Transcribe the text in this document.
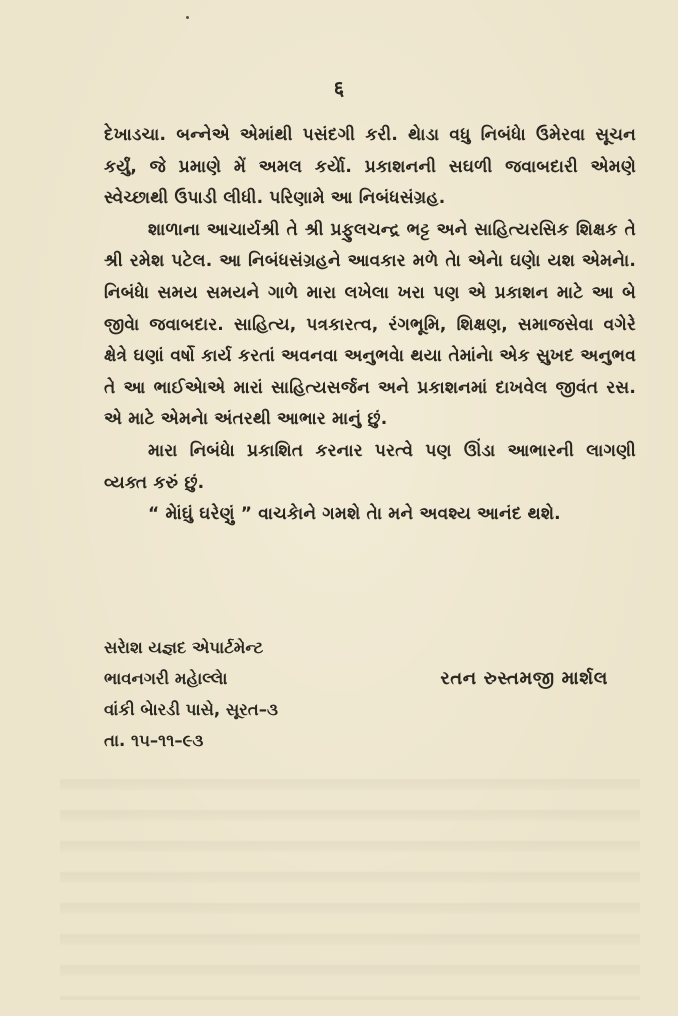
६

દેખાડચા. બન્નેએ એમાંથી પસંદગી કરી. થેાડા વધુ નિબંધેા ઉમેરવા સૂચન કર્યું, જે પ્રમાણે મેં અમલ કર્યેા. પ્રકાશનની સઘળી જવાબદારી એમણે સ્વેચ્છાથી ઉપાડી લીધી. પરિણામે આ નિબંધસંગ્રહ.

શાળાના આચાર્યશ્રી તે શ્રી પ્રફુલચન્દ્ર ભટ્ટ અને સાહિત્યરસિક શિક્ષક તે શ્રી રમેશ પટેલ. આ નિબંધસંગ્રહને આવકાર મળે તેા એનેા ઘણેા યશ એમનેા. નિબંધેા સમય સમયને ગાળે મારા લખેલા ખરા પણ એ પ્રકાશન માટે આ બે જીવેા જવાબદાર. સાહિત્ય, પત્રકારત્વ, રંગભૂમિ, શિક્ષણ, સમાજસેવા વગેરે ક્ષેત્રે ઘણાં વર્ષો કાર્ય કરતાં અવનવા અનુભવેા થયા તેમાંનેા એક સુખદ અનુભવ તે આ ભાઈએાએ મારાં સાહિત્યસર્જન અને પ્રકાશનમાં દાખવેલ જીવંત રસ. એ માટે એમનેા અંતરથી આભાર માનું છું.

મારા નિબંધેા પ્રકાશિત કરનાર પરત્વે પણ ઊંડા આભારની લાગણી વ્યક્ત કરું છું.

“ મેાંઘું ઘરેણું ” વાચકેાને ગમશે તેા મને અવશ્ય આનંદ થશે.

સરેાશ યજ્ઞદ એપાર્ટમેન્ટ
ભાવનગરી મહેાલ્લેા
વાંકી બેારડી પાસે, સૂરત–૩
તા. ૧૫–૧૧–૯૩
રતન રુસ્તમજી માર્શલ
